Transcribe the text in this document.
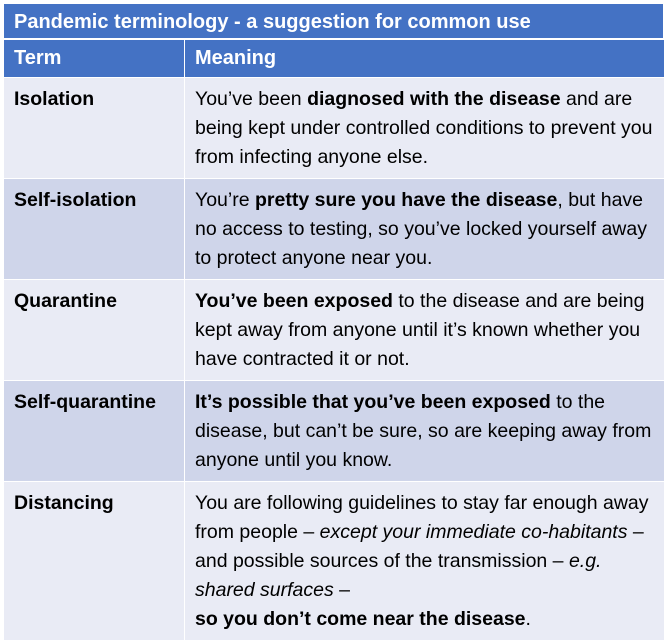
Pandemic terminology - a suggestion for common use
Term	Meaning
Isolation	You’ve been diagnosed with the disease and are being kept under controlled conditions to prevent you from infecting anyone else.
Self-isolation	You’re pretty sure you have the disease, but have no access to testing, so you’ve locked yourself away to protect anyone near you.
Quarantine	You’ve been exposed to the disease and are being kept away from anyone until it’s known whether you have contracted it or not.
Self-quarantine	It’s possible that you’ve been exposed to the disease, but can’t be sure, so are keeping away from anyone until you know.
Distancing	You are following guidelines to stay far enough away from people – except your immediate co-habitants – and possible sources of the transmission – e.g. shared surfaces –
so you don’t come near the disease.
